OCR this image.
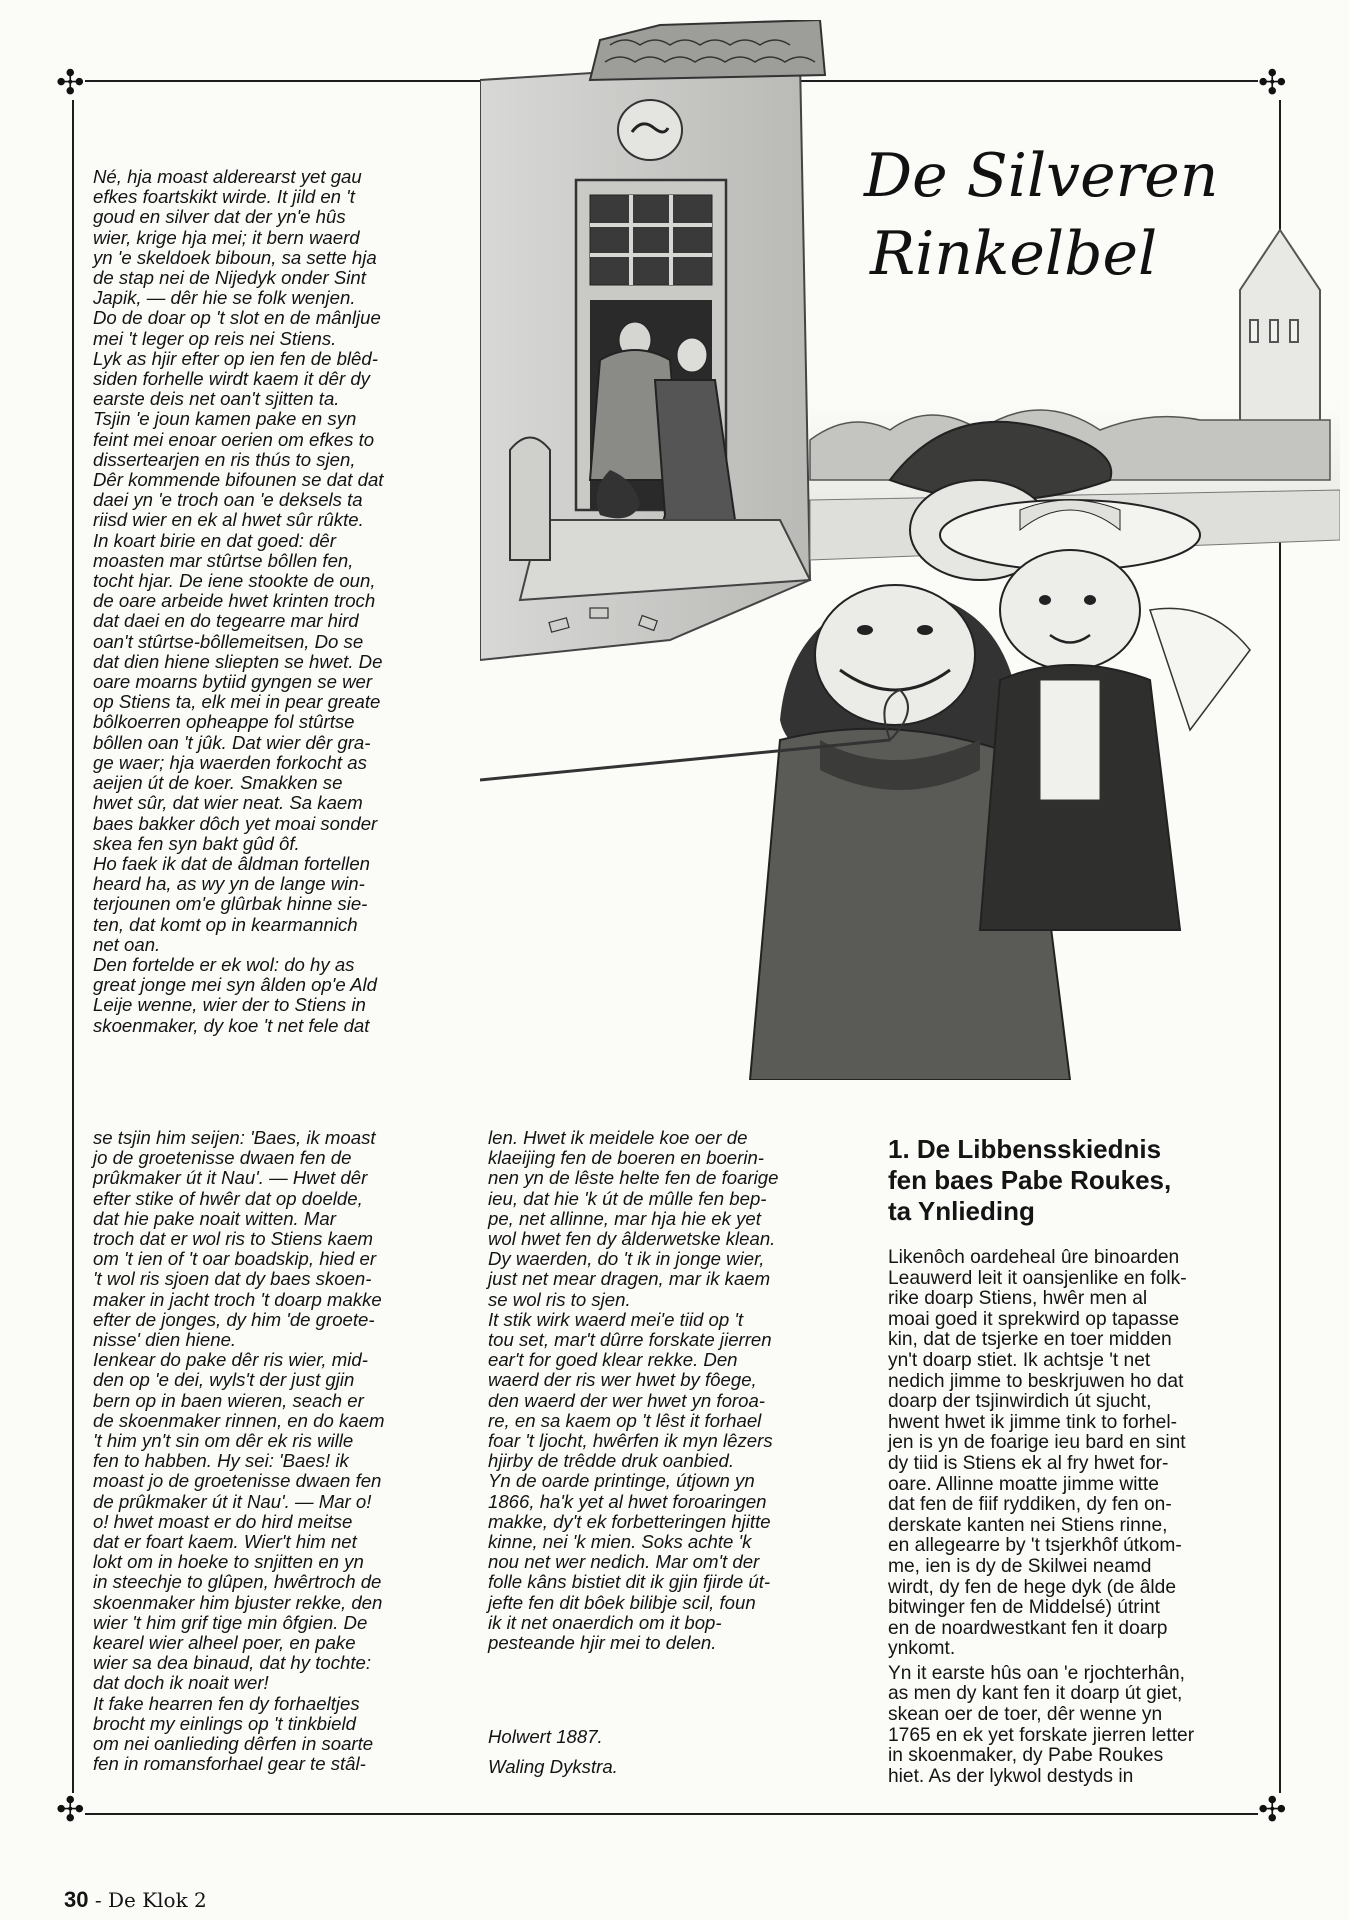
✣	✣
✣	✣
De Silveren
Rinkelbel
Né, hja moast alderearst yet gau
efkes foartskikt wirde. It jild en 't
goud en silver dat der yn'e hûs
wier, krige hja mei; it bern waerd
yn 'e skeldoek biboun, sa sette hja
de stap nei de Nijedyk onder Sint
Japik, — dêr hie se folk wenjen.
Do de doar op 't slot en de mânljue
mei 't leger op reis nei Stiens.
Lyk as hjir efter op ien fen de blêd-
siden forhelle wirdt kaem it dêr dy
earste deis net oan't sjitten ta.
Tsjin 'e joun kamen pake en syn
feint mei enoar oerien om efkes to
dissertearjen en ris thús to sjen,
Dêr kommende bifounen se dat dat
daei yn 'e troch oan 'e deksels ta
riisd wier en ek al hwet sûr rûkte.
In koart birie en dat goed: dêr
moasten mar stûrtse bôllen fen,
tocht hjar. De iene stookte de oun,
de oare arbeide hwet krinten troch
dat daei en do tegearre mar hird
oan't stûrtse-bôllemeitsen, Do se
dat dien hiene sliepten se hwet. De
oare moarns bytiid gyngen se wer
op Stiens ta, elk mei in pear greate
bôlkoerren opheappe fol stûrtse
bôllen oan 't jûk. Dat wier dêr gra-
ge waer; hja waerden forkocht as
aeijen út de koer. Smakken se
hwet sûr, dat wier neat. Sa kaem
baes bakker dôch yet moai sonder
skea fen syn bakt gûd ôf.
Ho faek ik dat de âldman fortellen
heard ha, as wy yn de lange win-
terjounen om'e glûrbak hinne sie-
ten, dat komt op in kearmannich
net oan.
Den fortelde er ek wol: do hy as
great jonge mei syn âlden op'e Ald
Leije wenne, wier der to Stiens in
skoenmaker, dy koe 't net fele dat
se tsjin him seijen: 'Baes, ik moast
jo de groetenisse dwaen fen de
prûkmaker út it Nau'. — Hwet dêr
efter stike of hwêr dat op doelde,
dat hie pake noait witten. Mar
troch dat er wol ris to Stiens kaem
om 't ien of 't oar boadskip, hied er
't wol ris sjoen dat dy baes skoen-
maker in jacht troch 't doarp makke
efter de jonges, dy him 'de groete-
nisse' dien hiene.
Ienkear do pake dêr ris wier, mid-
den op 'e dei, wyls't der just gjin
bern op in baen wieren, seach er
de skoenmaker rinnen, en do kaem
't him yn't sin om dêr ek ris wille
fen to habben. Hy sei: 'Baes! ik
moast jo de groetenisse dwaen fen
de prûkmaker út it Nau'. — Mar o!
o! hwet moast er do hird meitse
dat er foart kaem. Wier't him net
lokt om in hoeke to snjitten en yn
in steechje to glûpen, hwêrtroch de
skoenmaker him bjuster rekke, den
wier 't him grif tige min ôfgien. De
kearel wier alheel poer, en pake
wier sa dea binaud, dat hy tochte:
dat doch ik noait wer!
It fake hearren fen dy forhaeltjes
brocht my einlings op 't tinkbield
om nei oanlieding dêrfen in soarte
fen in romansforhael gear te stâl-
len. Hwet ik meidele koe oer de
klaeijing fen de boeren en boerin-
nen yn de lêste helte fen de foarige
ieu, dat hie 'k út de mûlle fen bep-
pe, net allinne, mar hja hie ek yet
wol hwet fen dy âlderwetske klean.
Dy waerden, do 't ik in jonge wier,
just net mear dragen, mar ik kaem
se wol ris to sjen.
It stik wirk waerd mei'e tiid op 't
tou set, mar't dûrre forskate jierren
ear't for goed klear rekke. Den
waerd der ris wer hwet by fôege,
den waerd der wer hwet yn foroa-
re, en sa kaem op 't lêst it forhael
foar 't ljocht, hwêrfen ik myn lêzers
hjirby de trêdde druk oanbied.
Yn de oarde printinge, útjown yn
1866, ha'k yet al hwet foroaringen
makke, dy't ek forbetteringen hjitte
kinne, nei 'k mien. Soks achte 'k
nou net wer nedich. Mar om't der
folle kâns bistiet dit ik gjin fjirde út-
jefte fen dit bôek bilibje scil, foun
ik it net onaerdich om it bop-
pesteande hjir mei to delen.
Holwert 1887.
Waling Dykstra.
1. De Libbensskiednis
fen baes Pabe Roukes,
ta Ynlieding

Likenôch oardeheal ûre binoarden
Leauwerd leit it oansjenlike en folk-
rike doarp Stiens, hwêr men al
moai goed it sprekwird op tapasse
kin, dat de tsjerke en toer midden
yn't doarp stiet. Ik achtsje 't net
nedich jimme to beskrjuwen ho dat
doarp der tsjinwirdich út sjucht,
hwent hwet ik jimme tink to forhel-
jen is yn de foarige ieu bard en sint
dy tiid is Stiens ek al fry hwet for-
oare. Allinne moatte jimme witte
dat fen de fiif ryddiken, dy fen on-
derskate kanten nei Stiens rinne,
en allegearre by 't tsjerkhôf útkom-
me, ien is dy de Skilwei neamd
wirdt, dy fen de hege dyk (de âlde
bitwinger fen de Middelsé) útrint
en de noardwestkant fen it doarp
ynkomt.

Yn it earste hûs oan 'e rjochterhân,
as men dy kant fen it doarp út giet,
skean oer de toer, dêr wenne yn
1765 en ek yet forskate jierren letter
in skoenmaker, dy Pabe Roukes
hiet. As der lykwol destyds in

30 - De Klok 2
